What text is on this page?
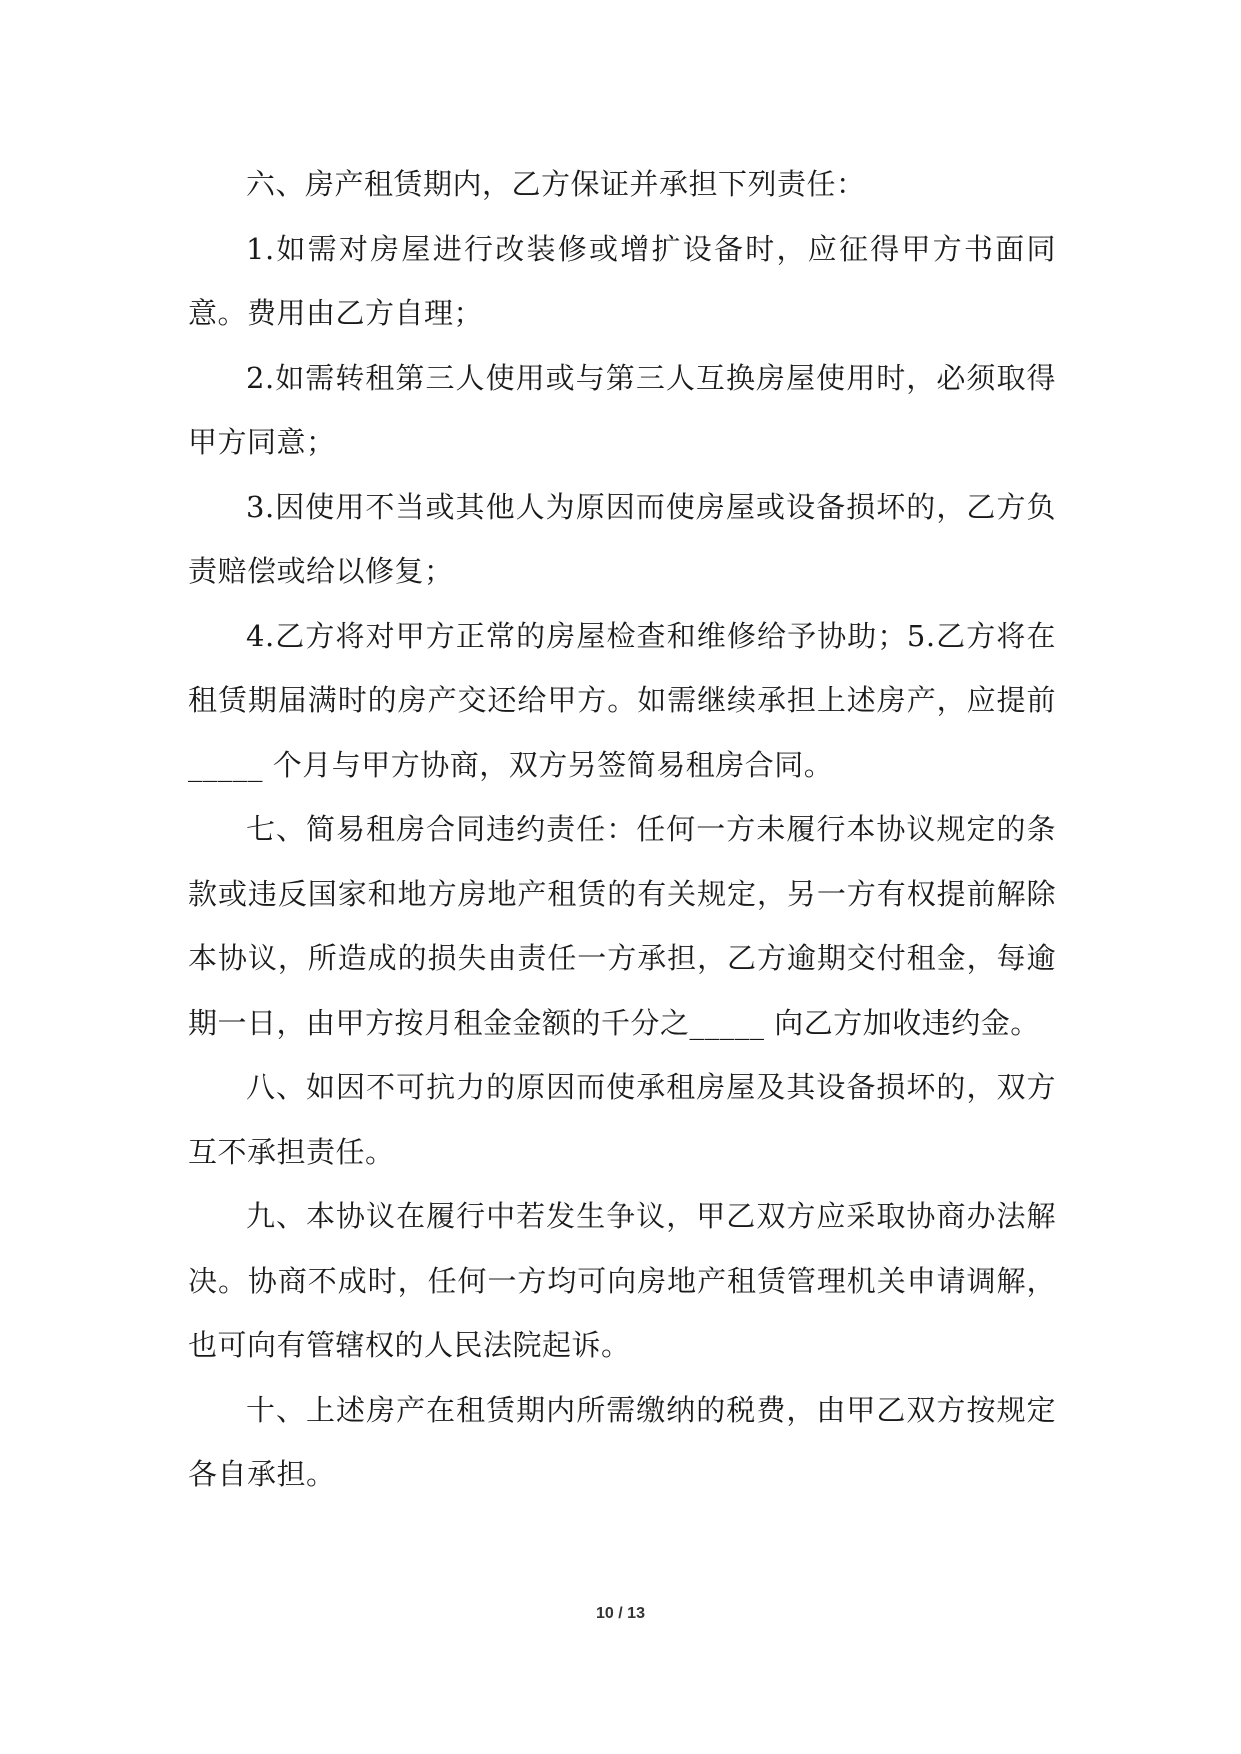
六、房产租赁期内，乙方保证并承担下列责任：

1.如需对房屋进行改装修或增扩设备时，应征得甲方书面同意。费用由乙方自理；

2.如需转租第三人使用或与第三人互换房屋使用时，必须取得甲方同意；

3.因使用不当或其他人为原因而使房屋或设备损坏的，乙方负责赔偿或给以修复；

4.乙方将对甲方正常的房屋检查和维修给予协助；5.乙方将在租赁期届满时的房产交还给甲方。如需继续承担上述房产，应提前_____ 个月与甲方协商，双方另签简易租房合同。

七、简易租房合同违约责任：任何一方未履行本协议规定的条款或违反国家和地方房地产租赁的有关规定，另一方有权提前解除本协议，所造成的损失由责任一方承担，乙方逾期交付租金，每逾期一日，由甲方按月租金金额的千分之_____ 向乙方加收违约金。

八、如因不可抗力的原因而使承租房屋及其设备损坏的，双方互不承担责任。

九、本协议在履行中若发生争议，甲乙双方应采取协商办法解决。协商不成时，任何一方均可向房地产租赁管理机关申请调解，也可向有管辖权的人民法院起诉。

十、上述房产在租赁期内所需缴纳的税费，由甲乙双方按规定各自承担。

10 / 13
